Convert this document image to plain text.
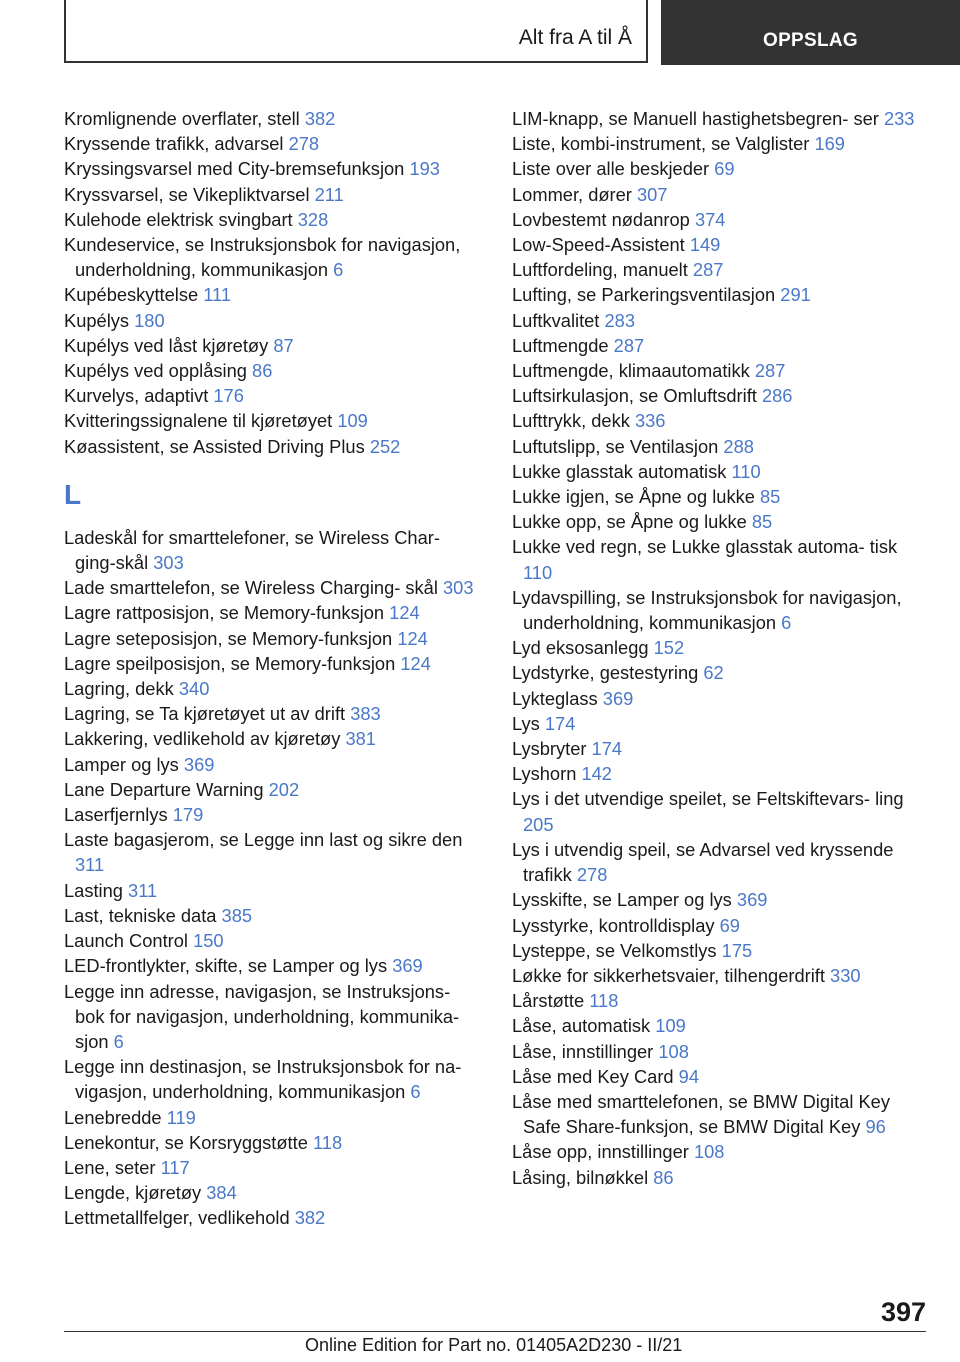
Alt fra A til Å	OPPSLAG
Kromlignende overflater, stell 382
Kryssende trafikk, advarsel 278
Kryssingsvarsel med City-bremsefunksjon 193
Kryssvarsel, se Vikepliktvarsel 211
Kulehode elektrisk svingbart 328
Kundeservice, se Instruksjonsbok for navigasjon, underholdning, kommunikasjon 6
Kupébeskyttelse 111
Kupélys 180
Kupélys ved låst kjøretøy 87
Kupélys ved opplåsing 86
Kurvelys, adaptivt 176
Kvitteringssignalene til kjøretøyet 109
Køassistent, se Assisted Driving Plus 252
L
Ladeskål for smarttelefoner, se Wireless Char‐ ging-skål 303
Lade smarttelefon, se Wireless Charging- skål 303
Lagre rattposisjon, se Memory-funksjon 124
Lagre seteposisjon, se Memory-funksjon 124
Lagre speilposisjon, se Memory-funksjon 124
Lagring, dekk 340
Lagring, se Ta kjøretøyet ut av drift 383
Lakkering, vedlikehold av kjøretøy 381
Lamper og lys 369
Lane Departure Warning 202
Laserfjernlys 179
Laste bagasjerom, se Legge inn last og sikre den 311
Lasting 311
Last, tekniske data 385
Launch Control 150
LED-frontlykter, skifte, se Lamper og lys 369
Legge inn adresse, navigasjon, se Instruksjons‐ bok for navigasjon, underholdning, kommunika‐ sjon 6
Legge inn destinasjon, se Instruksjonsbok for na‐ vigasjon, underholdning, kommunikasjon 6
Lenebredde 119
Lenekontur, se Korsryggstøtte 118
Lene, seter 117
Lengde, kjøretøy 384
Lettmetallfelger, vedlikehold 382
LIM-knapp, se Manuell hastighetsbegren‐ ser 233
Liste, kombi-instrument, se Valglister 169
Liste over alle beskjeder 69
Lommer, dører 307
Lovbestemt nødanrop 374
Low-Speed-Assistent 149
Luftfordeling, manuelt 287
Lufting, se Parkeringsventilasjon 291
Luftkvalitet 283
Luftmengde 287
Luftmengde, klimaautomatikk 287
Luftsirkulasjon, se Omluftsdrift 286
Lufttrykk, dekk 336
Luftutslipp, se Ventilasjon 288
Lukke glasstak automatisk 110
Lukke igjen, se Åpne og lukke 85
Lukke opp, se Åpne og lukke 85
Lukke ved regn, se Lukke glasstak automa‐ tisk 110
Lydavspilling, se Instruksjonsbok for navigasjon, underholdning, kommunikasjon 6
Lyd eksosanlegg 152
Lydstyrke, gestestyring 62
Lykteglass 369
Lys 174
Lysbryter 174
Lyshorn 142
Lys i det utvendige speilet, se Feltskiftevars‐ ling 205
Lys i utvendig speil, se Advarsel ved kryssende trafikk 278
Lysskifte, se Lamper og lys 369
Lysstyrke, kontrolldisplay 69
Lysteppe, se Velkomstlys 175
Løkke for sikkerhetsvaier, tilhengerdrift 330
Lårstøtte 118
Låse, automatisk 109
Låse, innstillinger 108
Låse med Key Card 94
Låse med smarttelefonen, se BMW Digital Key Safe Share-funksjon, se BMW Digital Key 96
Låse opp, innstillinger 108
Låsing, bilnøkkel 86
397
Online Edition for Part no. 01405A2D230 - II/21
